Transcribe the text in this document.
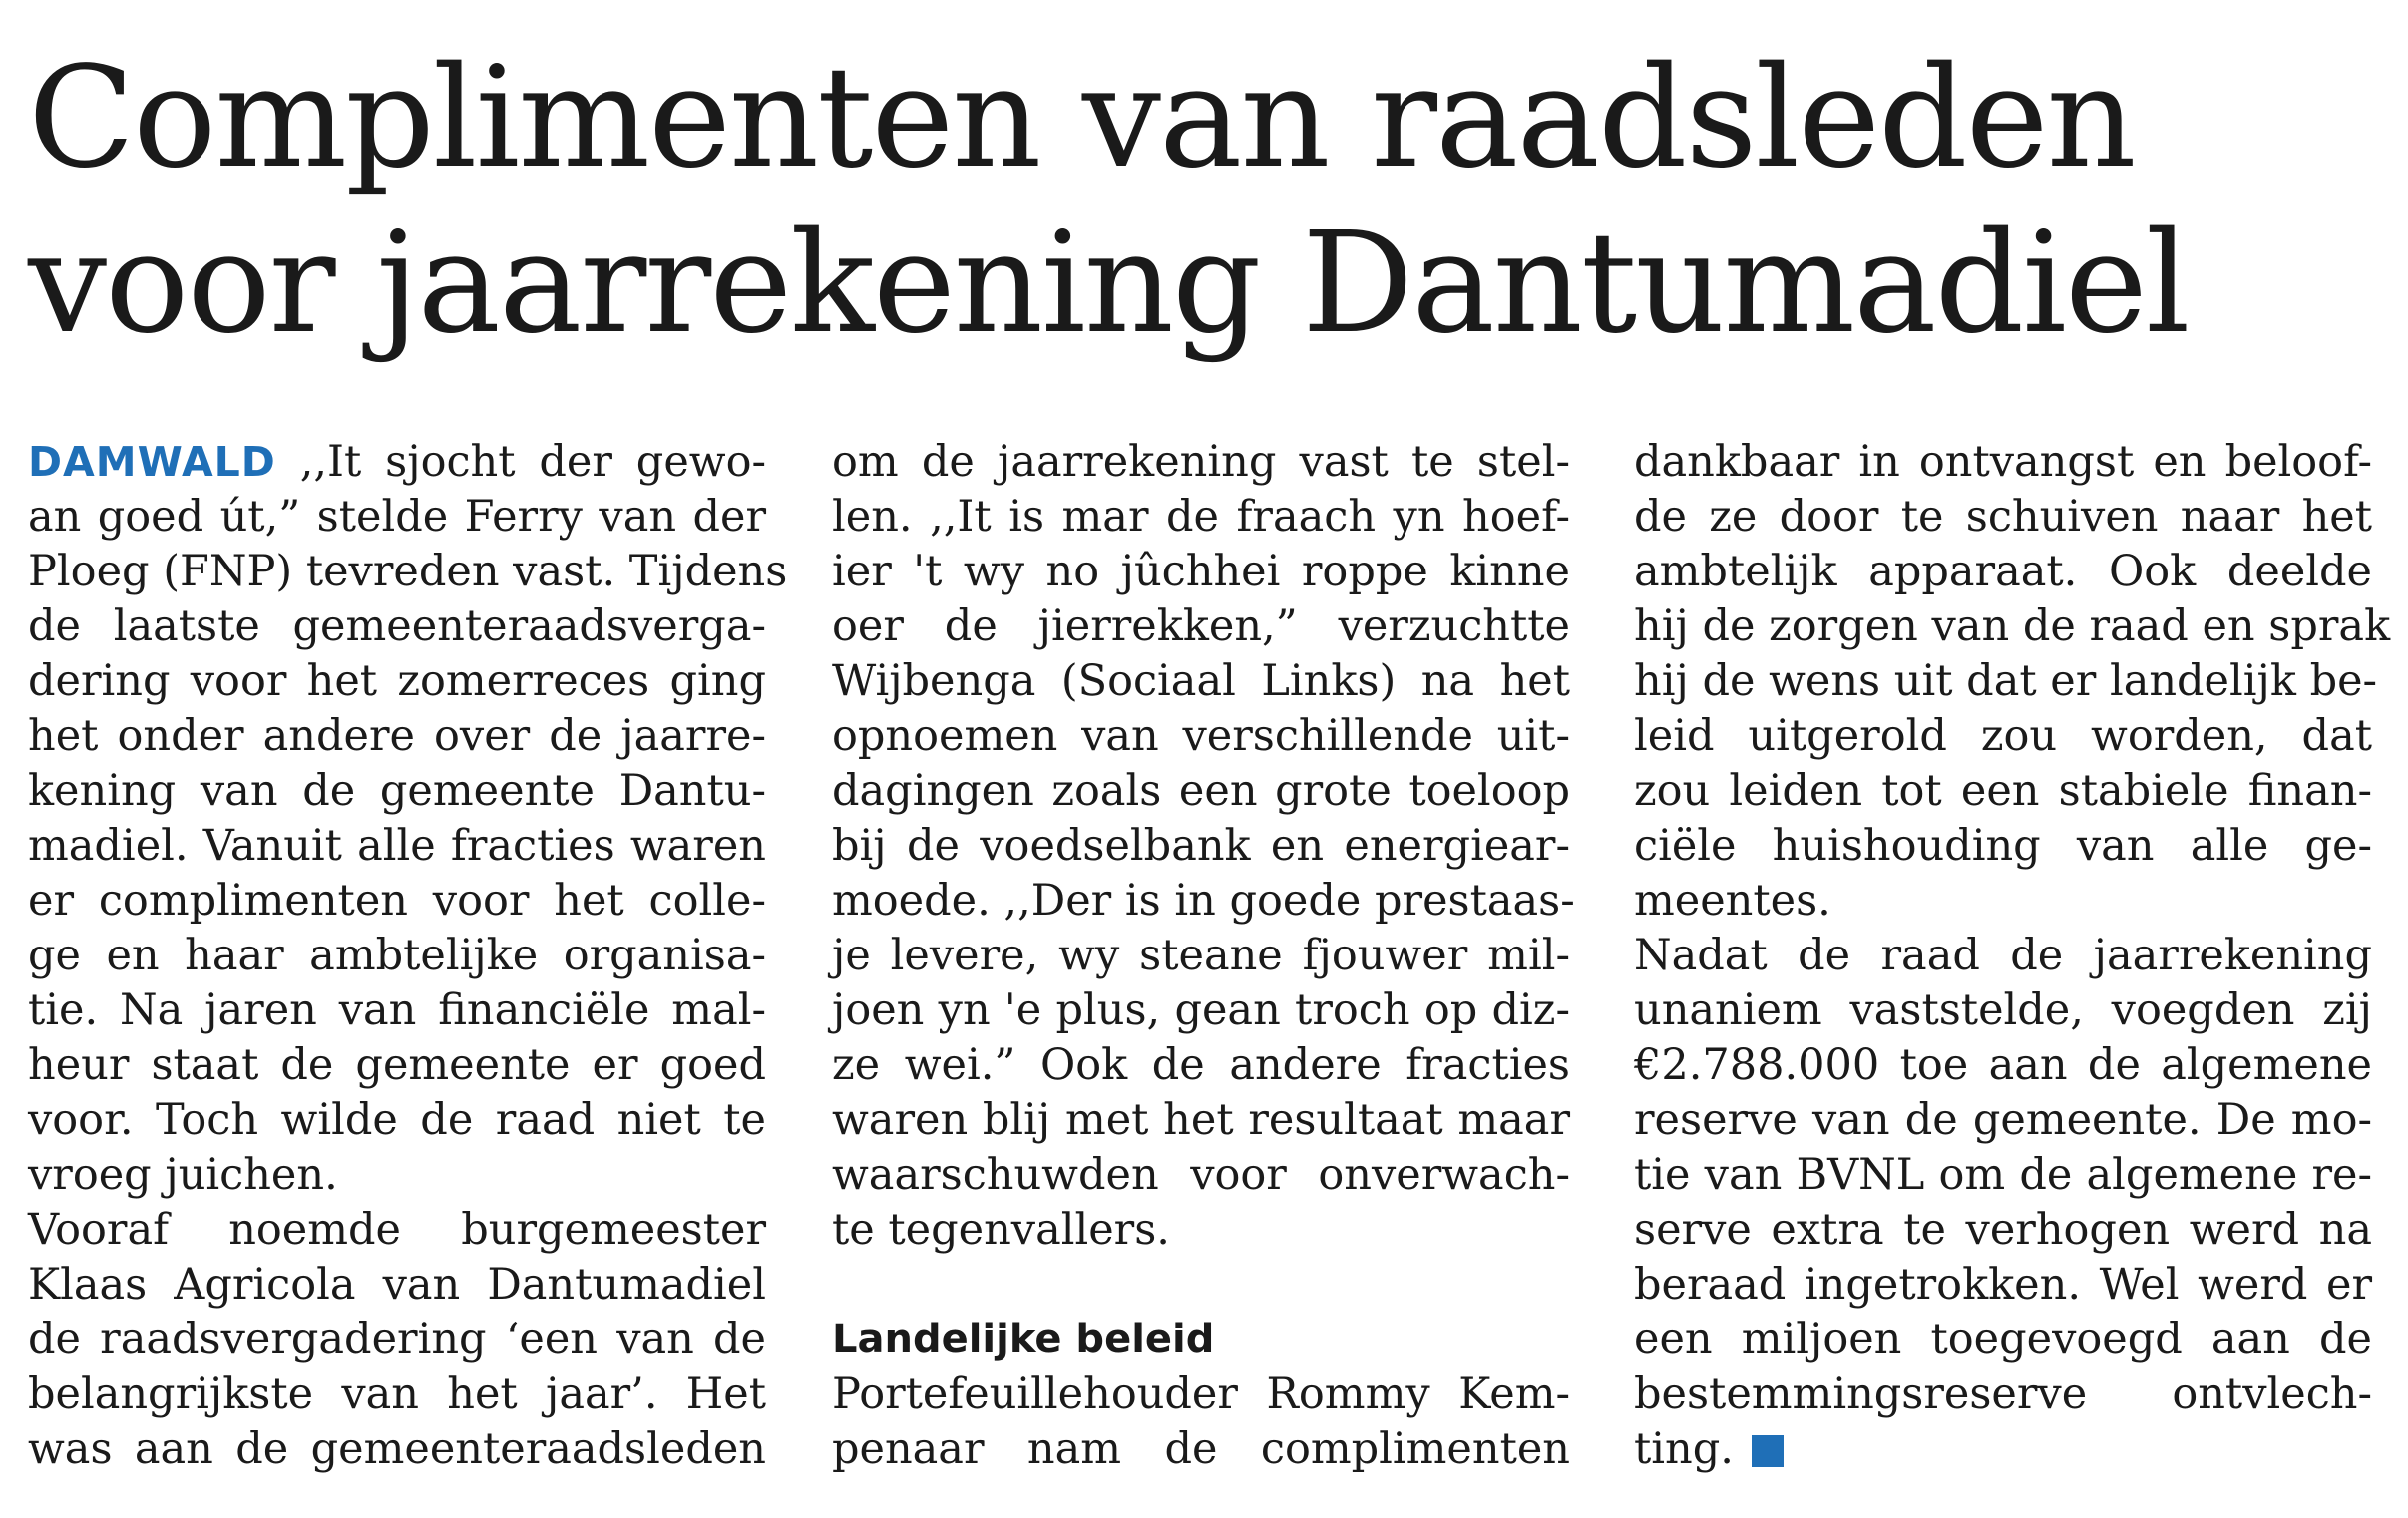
Complimenten van raadsleden
voor jaarrekening Dantumadiel
DAMWALD ,,It sjocht der gewo-
an goed út,” stelde Ferry van der
Ploeg (FNP) tevreden vast. Tijdens
de laatste gemeenteraadsverga-
dering voor het zomerreces ging
het onder andere over de jaarre-
kening van de gemeente Dantu-
madiel. Vanuit alle fracties waren
er complimenten voor het colle-
ge en haar ambtelijke organisa-
tie. Na jaren van financiële mal-
heur staat de gemeente er goed
voor. Toch wilde de raad niet te
vroeg juichen.
Vooraf noemde burgemeester
Klaas Agricola van Dantumadiel
de raadsvergadering ‘een van de
belangrijkste van het jaar’. Het
was aan de gemeenteraadsleden
om de jaarrekening vast te stel-
len. ,,It is mar de fraach yn hoef-
ier 't wy no jûchhei roppe kinne
oer de jierrekken,” verzuchtte
Wijbenga (Sociaal Links) na het
opnoemen van verschillende uit-
dagingen zoals een grote toeloop
bij de voedselbank en energiear-
moede. ,,Der is in goede prestaas-
je levere, wy steane fjouwer mil-
joen yn 'e plus, gean troch op diz-
ze wei.” Ook de andere fracties
waren blij met het resultaat maar
waarschuwden voor onverwach-
te tegenvallers.
Landelijke beleid
Portefeuillehouder Rommy Kem-
penaar nam de complimenten
dankbaar in ontvangst en beloof-
de ze door te schuiven naar het
ambtelijk apparaat. Ook deelde
hij de zorgen van de raad en sprak
hij de wens uit dat er landelijk be-
leid uitgerold zou worden, dat
zou leiden tot een stabiele finan-
ciële huishouding van alle ge-
meentes.
Nadat de raad de jaarrekening
unaniem vaststelde, voegden zij
€2.788.000 toe aan de algemene
reserve van de gemeente. De mo-
tie van BVNL om de algemene re-
serve extra te verhogen werd na
beraad ingetrokken. Wel werd er
een miljoen toegevoegd aan de
bestemmingsreserve ontvlech-
ting.
